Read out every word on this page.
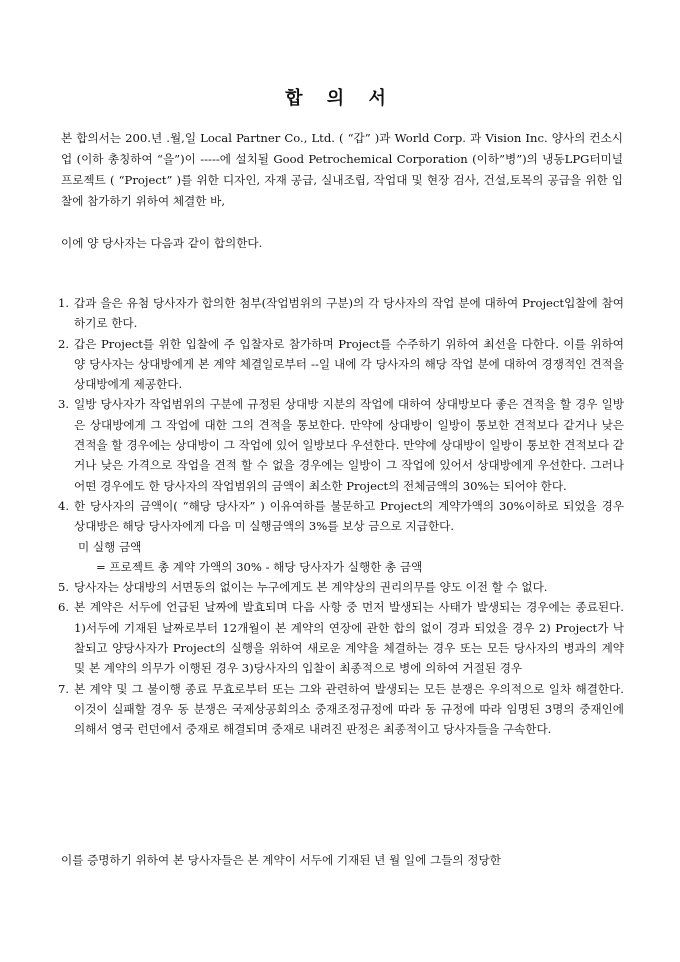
합 의 서
본 합의서는 200.년 .월,일 Local Partner Co., Ltd. ( “갑” )과 World Corp. 과 Vision Inc. 양사의 컨소시업 (이하 총칭하여 “을”)이 -----에 설치될 Good Petrochemical Corporation (이하”병”)의 냉동LPG터미널 프로젝트 ( “Project” )를 위한 디자인, 자재 공급, 실내조립, 작업대 및 현장 검사, 건설,토목의 공급을 위한 입찰에 참가하기 위하여 체결한 바,
이에 양 당사자는 다음과 같이 합의한다.
1. 갑과 을은 유첨 당사자가 합의한 첨부(작업범위의 구분)의 각 당사자의 작업 분에 대하여 Project입찰에 참여하기로 한다.
2. 갑은 Project를 위한 입찰에 주 입찰자로 참가하며 Project를 수주하기 위하여 최선을 다한다. 이를 위하여 양 당사자는 상대방에게 본 계약 체결일로부터 --일 내에 각 당사자의 해당 작업 분에 대하여 경쟁적인 견적을 상대방에게 제공한다.
3. 일방 당사자가 작업범위의 구분에 규정된 상대방 지분의 작업에 대하여 상대방보다 좋은 견적을 할 경우 일방은 상대방에게 그 작업에 대한 그의 견적을 통보한다. 만약에 상대방이 일방이 통보한 견적보다 같거나 낮은 견적을 할 경우에는 상대방이 그 작업에 있어 일방보다 우선한다. 만약에 상대방이 일방이 통보한 견적보다 같거나 낮은 가격으로 작업을 견적 할 수 없을 경우에는 일방이 그 작업에 있어서 상대방에게 우선한다. 그러나 어떤 경우에도 한 당사자의 작업범위의 금액이 최소한 Project의 전체금액의 30%는 되어야 한다.
4. 한 당사자의 금액이( “해당 당사자” ) 이유여하를 불문하고 Project의 계약가액의 30%이하로 되었을 경우 상대방은 해당 당사자에게 다음 미 실행금액의 3%를 보상 금으로 지급한다.
미 실행 금액
= 프로젝트 총 계약 가액의 30% - 해당 당사자가 실행한 총 금액
5. 당사자는 상대방의 서면동의 없이는 누구에게도 본 계약상의 권리의무를 양도 이전 할 수 없다.
6. 본 계약은 서두에 언급된 날짜에 발효되며 다음 사항 중 먼저 발생되는 사태가 발생되는 경우에는 종료된다. 1)서두에 기재된 날짜로부터 12개월이 본 계약의 연장에 관한 합의 없이 경과 되었을 경우 2) Project가 낙찰되고 양당사자가 Project의 실행을 위하여 새로운 계약을 체결하는 경우 또는 모든 당사자의 병과의 계약 및 본 계약의 의무가 이행된 경우 3)당사자의 입찰이 최종적으로 병에 의하여 거절된 경우
7. 본 계약 및 그 불이행 종료 무효로부터 또는 그와 관련하여 발생되는 모든 분쟁은 우의적으로 일차 해결한다. 이것이 실패할 경우 동 분쟁은 국제상공회의소 중재조정규정에 따라 동 규정에 따라 임명된 3명의 중재인에 의해서 영국 런던에서 중재로 해결되며 중재로 내려진 판정은 최종적이고 당사자들을 구속한다.
이를 증명하기 위하여 본 당사자들은 본 계약이 서두에 기재된 년 월 일에 그들의 정당한
